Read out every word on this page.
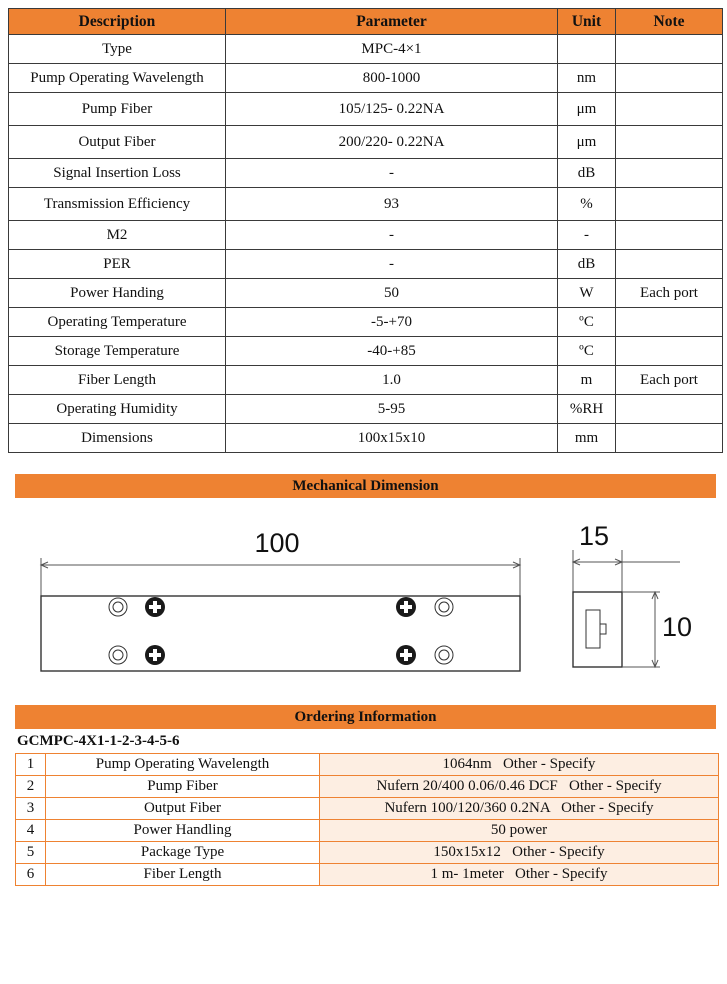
Description	Parameter	Unit	Note
Type	MPC-4×1		
Pump Operating Wavelength	800-1000	nm	
Pump Fiber	105/125- 0.22NA	μm	
Output Fiber	200/220- 0.22NA	μm	
Signal Insertion Loss	-	dB	
Transmission Efficiency	93	%	
M2	-	-	
PER	-	dB	
Power Handing	50	W	Each port
Operating Temperature	-5-+70	ºC	
Storage Temperature	-40-+85	ºC	
Fiber Length	1.0	m	Each port
Operating Humidity	5-95	%RH	
Dimensions	100x15x10	mm	
Mechanical Dimension
100	15
10
Ordering Information
GCMPC-4X1-1-2-3-4-5-6
1	Pump Operating Wavelength	1064nm   Other - Specify
2	Pump Fiber	Nufern 20/400 0.06/0.46 DCF   Other - Specify
3	Output Fiber	Nufern 100/120/360 0.2NA   Other - Specify
4	Power Handling	50 power
5	Package Type	150x15x12   Other - Specify
6	Fiber Length	1 m- 1meter   Other - Specify
